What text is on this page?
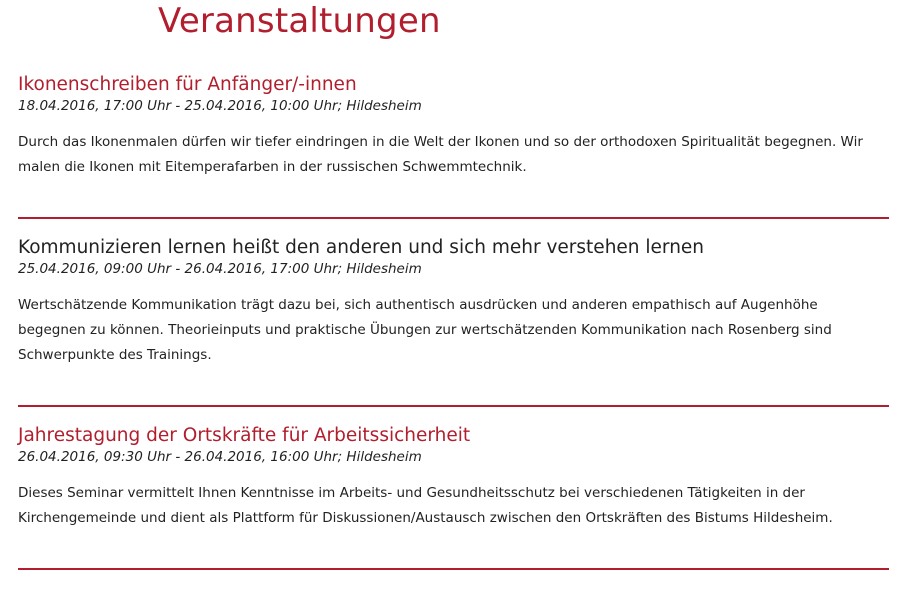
Veranstaltungen
Ikonenschreiben für Anfänger/-innen

18.04.2016, 17:00 Uhr - 25.04.2016, 10:00 Uhr; Hildesheim

Durch das Ikonenmalen dürfen wir tiefer eindringen in die Welt der Ikonen und so der orthodoxen Spiritualität begegnen. Wir
malen die Ikonen mit Eitemperafarben in der russischen Schwemmtechnik.

Kommunizieren lernen heißt den anderen und sich mehr verstehen lernen

25.04.2016, 09:00 Uhr - 26.04.2016, 17:00 Uhr; Hildesheim

Wertschätzende Kommunikation trägt dazu bei, sich authentisch ausdrücken und anderen empathisch auf Augenhöhe
begegnen zu können. Theorieinputs und praktische Übungen zur wertschätzenden Kommunikation nach Rosenberg sind
Schwerpunkte des Trainings.

Jahrestagung der Ortskräfte für Arbeitssicherheit

26.04.2016, 09:30 Uhr - 26.04.2016, 16:00 Uhr; Hildesheim

Dieses Seminar vermittelt Ihnen Kenntnisse im Arbeits- und Gesundheitsschutz bei verschiedenen Tätigkeiten in der
Kirchengemeinde und dient als Plattform für Diskussionen/Austausch zwischen den Ortskräften des Bistums Hildesheim.
